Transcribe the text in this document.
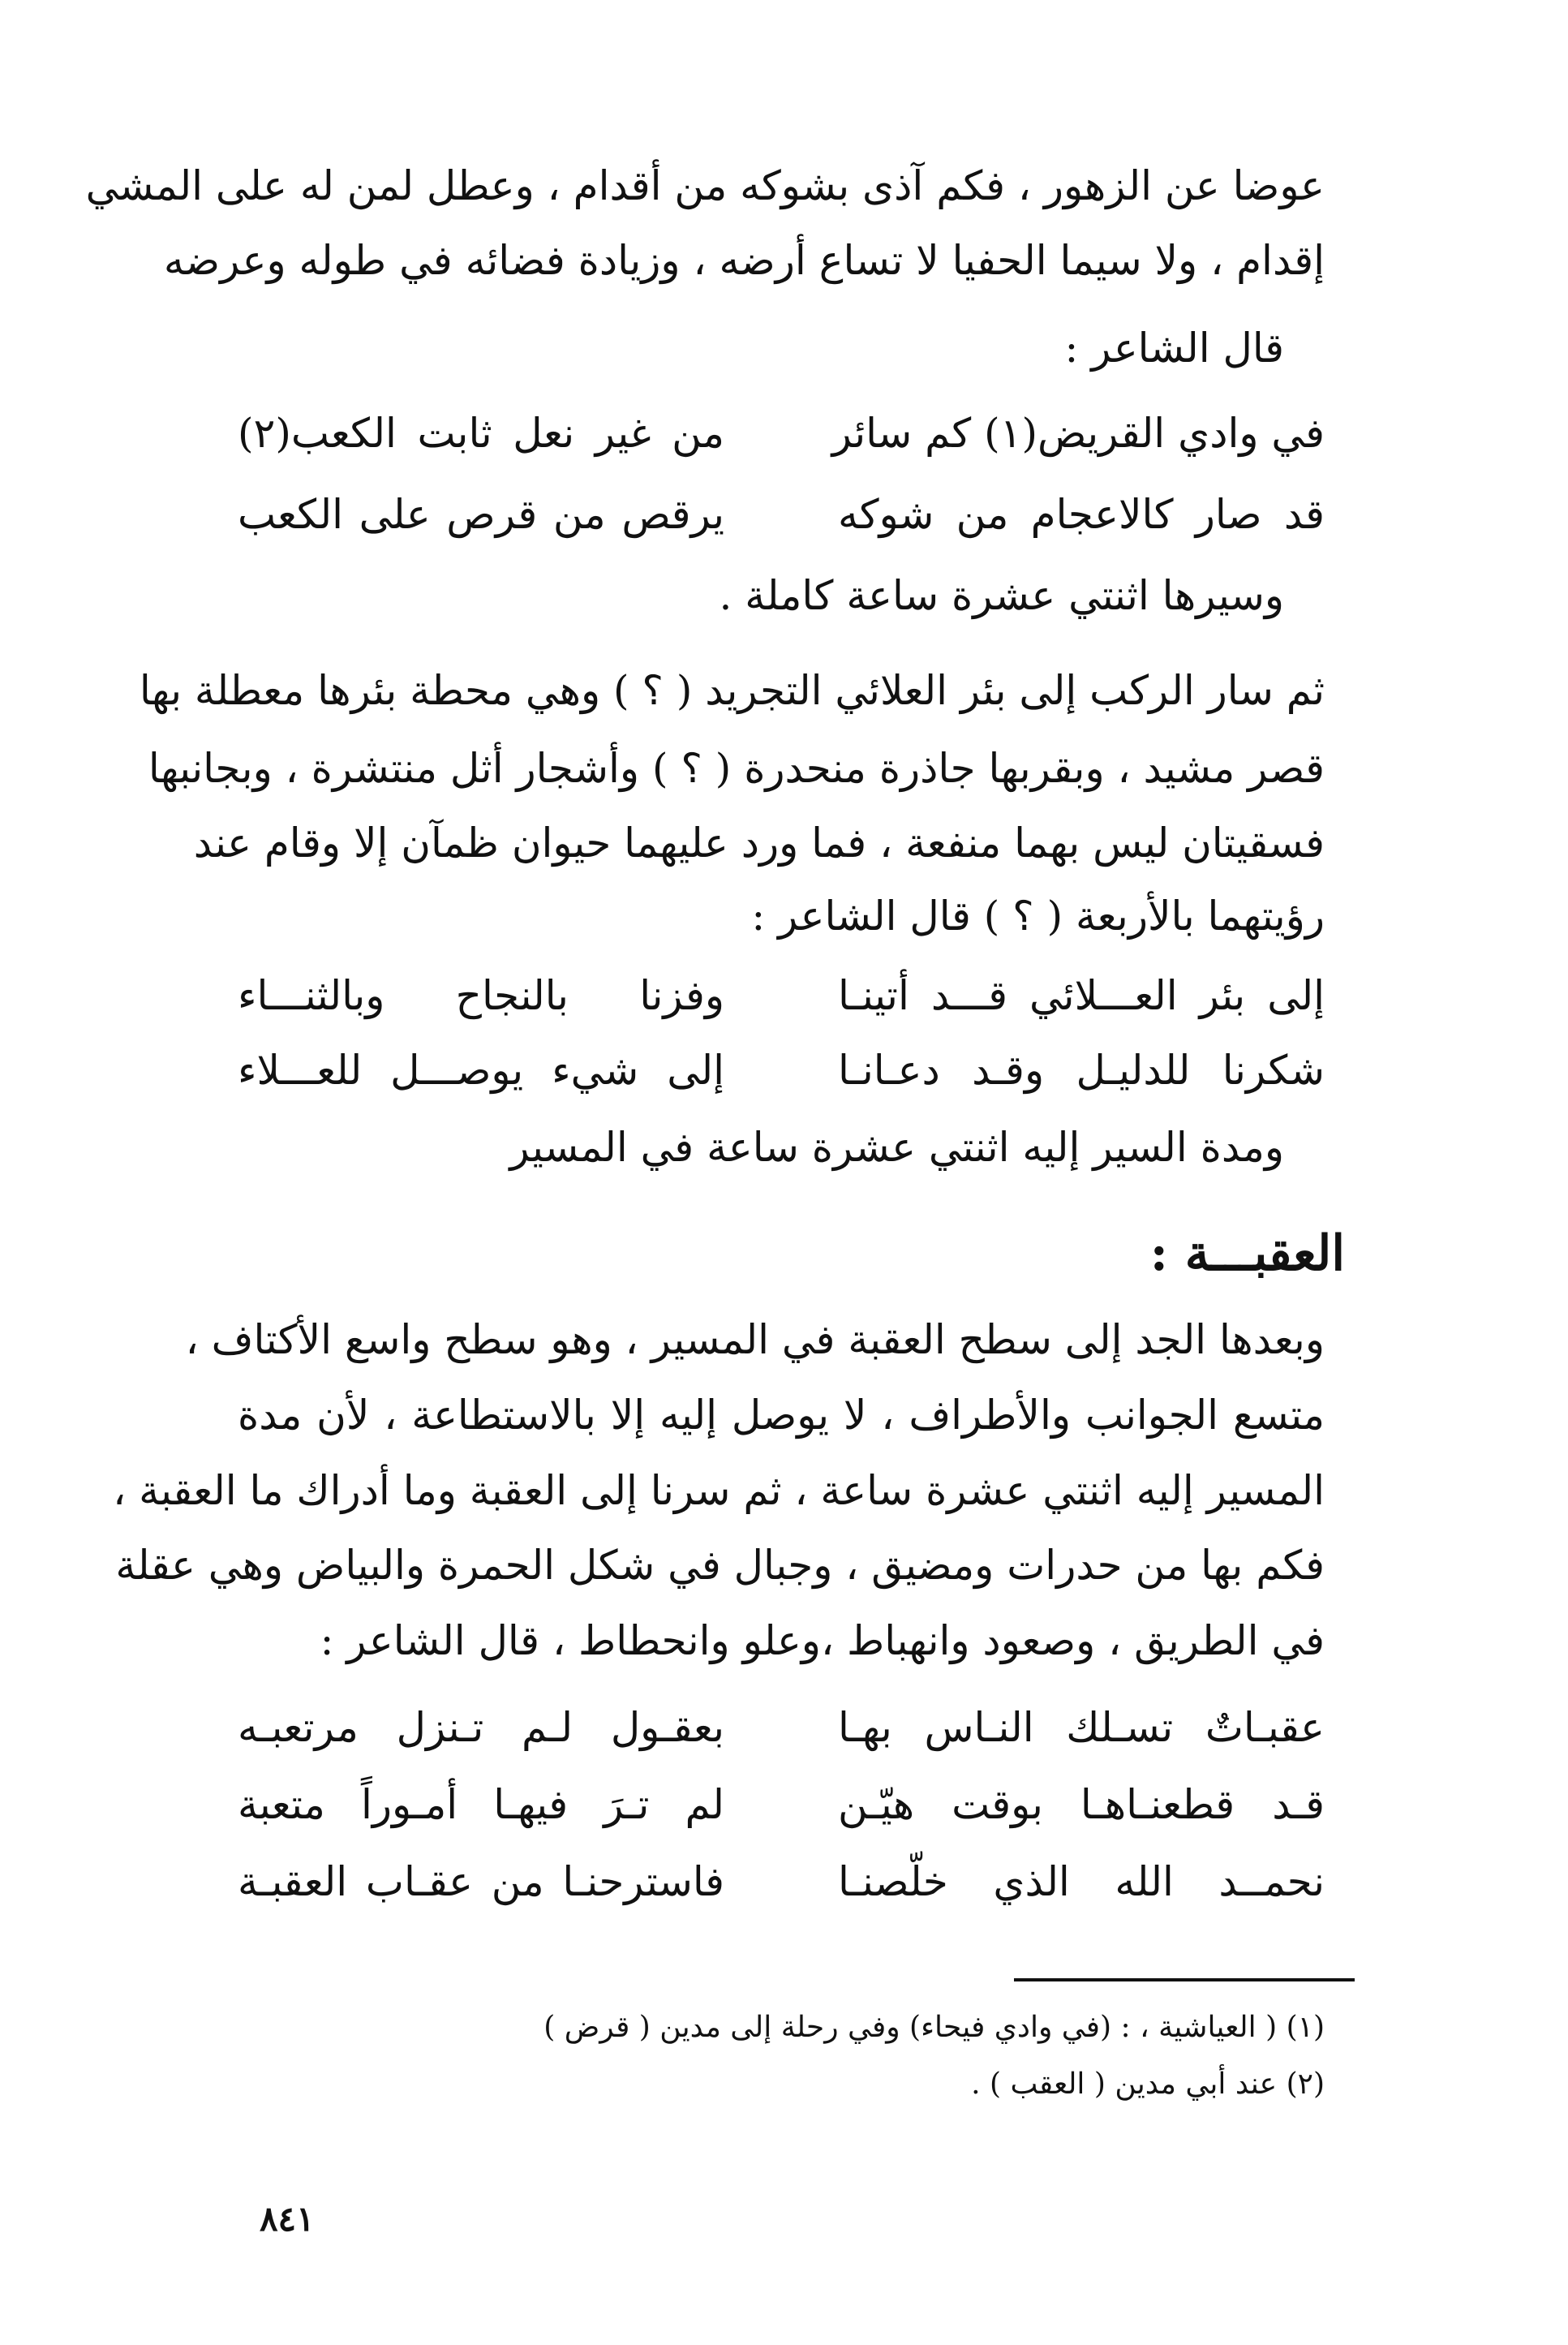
عوضا عن الزهور ، فكم آذى بشوكه من أقدام ، وعطل لمن له على المشي

إقدام ، ولا سيما الحفيا لا تساع أرضه ، وزيادة فضائه في طوله وعرضه

قال الشاعر :

في وادي القريض(١) كم سائر
من غير نعل ثابت الكعب(٢)
قد صار كالاعجام من شوكه
يرقص من قرص على الكعب

وسيرها اثنتي عشرة ساعة كاملة .

ثم سار الركب إلى بئر العلائي التجريد ( ؟ ) وهي محطة بئرها معطلة بها

قصر مشيد ، وبقربها جاذرة منحدرة ( ؟ ) وأشجار أثل منتشرة ، وبجانبها

فسقيتان ليس بهما منفعة ، فما ورد عليهما حيوان ظمآن إلا وقام عند

رؤيتهما بالأربعة ( ؟ ) قال الشاعر :

إلى بئر العـــلائي قـــد أتينـا
وفزنا بالنجاح وبالثنـــاء
شكرنا للدليـل وقـد دعـانـا
إلى شيء يوصـــل للعـــلاء

ومدة السير إليه اثنتي عشرة ساعة في المسير

العقبـــة :

وبعدها الجد إلى سطح العقبة في المسير ، وهو سطح واسع الأكتاف ،

متسع الجوانب والأطراف ، لا يوصل إليه إلا بالاستطاعة ، لأن مدة

المسير إليه اثنتي عشرة ساعة ، ثم سرنا إلى العقبة وما أدراك ما العقبة ،

فكم بها من حدرات ومضيق ، وجبال في شكل الحمرة والبياض وهي عقلة

في الطريق ، وصعود وانهباط ،وعلو وانحطاط ، قال الشاعر :

عقبـاتٌ تسـلك النـاس بهـا
بعقـول لـم تـنزل مرتعبـه
قـد قطعنـاهـا بوقت هيّـن
لم تـرَ فيهـا أمـوراً متعبة
نحمــد الله الذي خلّصنـا
فاسترحنـا من عقـاب العقبـة

(١) ( العياشية ، : (في وادي فيحاء) وفي رحلة إلى مدين ( قرض )

(٢) عند أبي مدين ( العقب ) .

٨٤١
